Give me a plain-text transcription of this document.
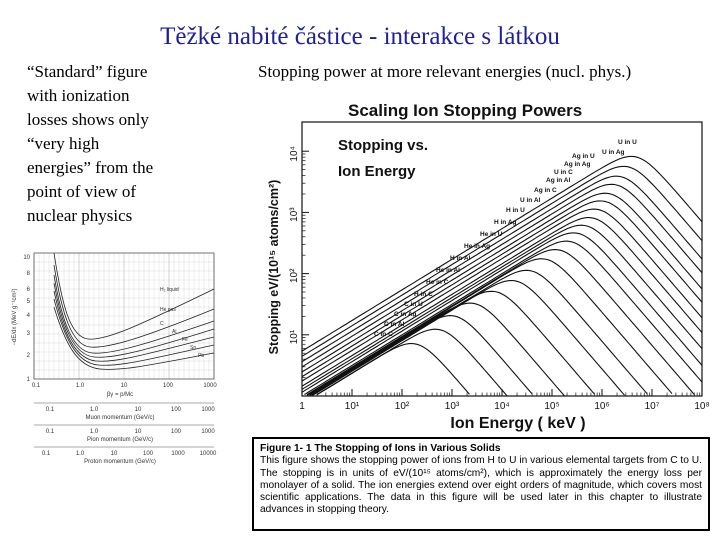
Těžké nabité částice - interakce s látkou
“Standard” figure
with ionization
losses shows only
“very high
energies” from the
point of view of
nuclear physics
Stopping power at more relevant energies (nucl. phys.)
−dE/dx (MeV g⁻¹cm²)
10
8
6
5
4
3
2
1
H₂ liquid
He gas
C
Al
Fe
Sn
Pb
0.1	1.0	10	100	1000
βγ = p/Mc
0.1	1.0	10	100	1000
Muon momentum (GeV/c)
0.1	1.0	10	100	1000
Pion momentum (GeV/c)
0.1	1.0	10	100	1000 10000
Proton momentum (GeV/c)
Scaling Ion Stopping Powers
Stopping vs.
Ion Energy
Stopping eV/(10¹⁵ atoms/cm²)
Ion Energy ( keV )
1	10¹	10²	10³	10⁴	10⁵	10⁶	10⁷	10⁸
10¹
10²
10³
10⁴
U in U
U in Ag
Ag in U
Ag in Ag
U in C
Ag in Al
Ag in C
U in Al
H in U
H in Ag
He in U
He in Ag
H in Al
He in Al
He in C
H in C
C in U
C in Ag
C in Al
C in C
Figure 1- 1 The Stopping of Ions in Various Solids
This figure shows the stopping power of ions from H to U in various elemental targets from C to U. The stopping is in units of eV/(10¹⁵ atoms/cm²), which is approximately the energy loss per monolayer of a solid. The ion energies extend over eight orders of magnitude, which covers most scientific applications. The data in this figure will be used later in this chapter to illustrate advances in stopping theory.
